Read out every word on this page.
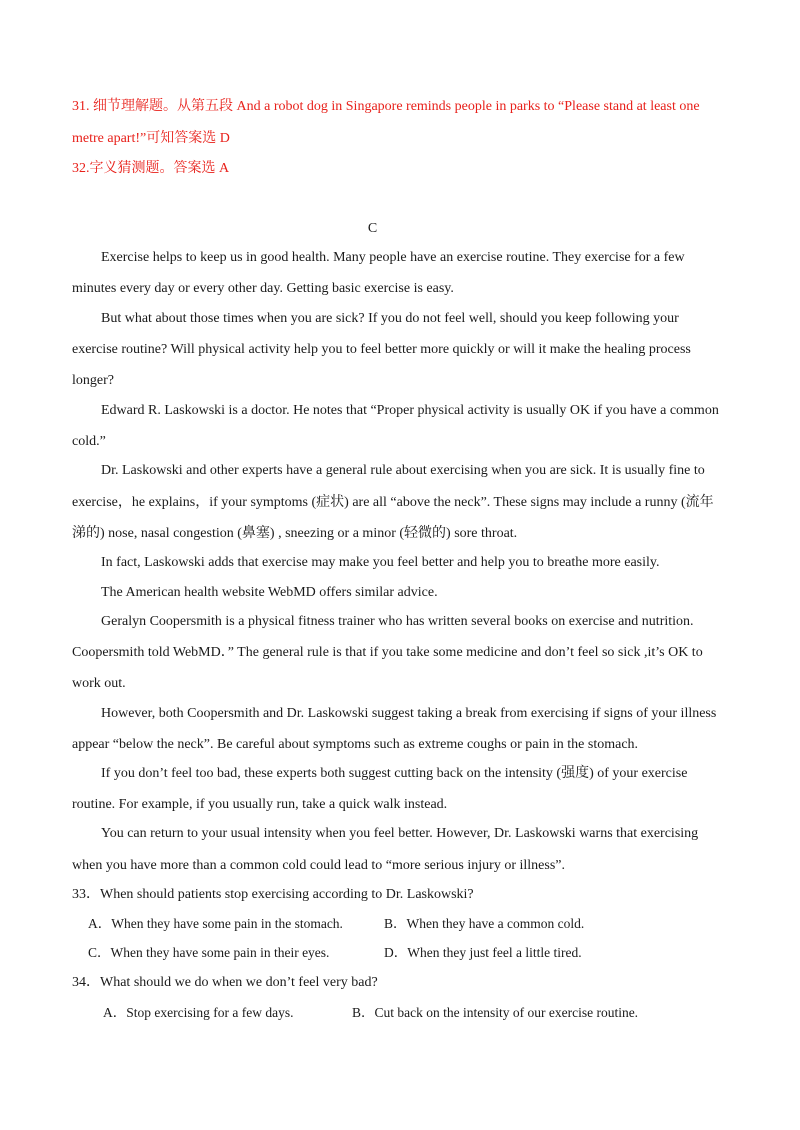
31. 细节理解题。从第五段 And a robot dog in Singapore reminds people in parks to “Please stand at least one
metre apart!”可知答案选 D
32.字义猜测题。答案选 A
C
Exercise helps to keep us in good health. Many people have an exercise routine. They exercise for a few
minutes every day or every other day. Getting basic exercise is easy.
But what about those times when you are sick? If you do not feel well, should you keep following your
exercise routine? Will physical activity help you to feel better more quickly or will it make the healing process
longer?
Edward R. Laskowski is a doctor. He notes that “Proper physical activity is usually OK if you have a common
cold.”
Dr. Laskowski and other experts have a general rule about exercising when you are sick. It is usually fine to
exercise，he explains，if your symptoms (症状) are all “above the neck”. These signs may include a runny (流年
涕的) nose, nasal congestion (鼻塞) , sneezing or a minor (轻微的) sore throat.
In fact, Laskowski adds that exercise may make you feel better and help you to breathe more easily.
The American health website WebMD offers similar advice.
Geralyn Coopersmith is a physical fitness trainer who has written several books on exercise and nutrition.
Coopersmith told WebMD．” The general rule is that if you take some medicine and don’t feel so sick ,it’s OK to
work out.
However, both Coopersmith and Dr. Laskowski suggest taking a break from exercising if signs of your illness
appear “below the neck”. Be careful about symptoms such as extreme coughs or pain in the stomach.
If you don’t feel too bad, these experts both suggest cutting back on the intensity (强度) of your exercise
routine. For example, if you usually run, take a quick walk instead.
You can return to your usual intensity when you feel better. However, Dr. Laskowski warns that exercising
when you have more than a common cold could lead to “more serious injury or illness”.
33．When should patients stop exercising according to Dr. Laskowski?
A．When they have some pain in the stomach.	B．When they have a common cold.
C．When they have some pain in their eyes.	D．When they just feel a little tired.
34．What should we do when we don’t feel very bad?
A．Stop exercising for a few days.	B．Cut back on the intensity of our exercise routine.
